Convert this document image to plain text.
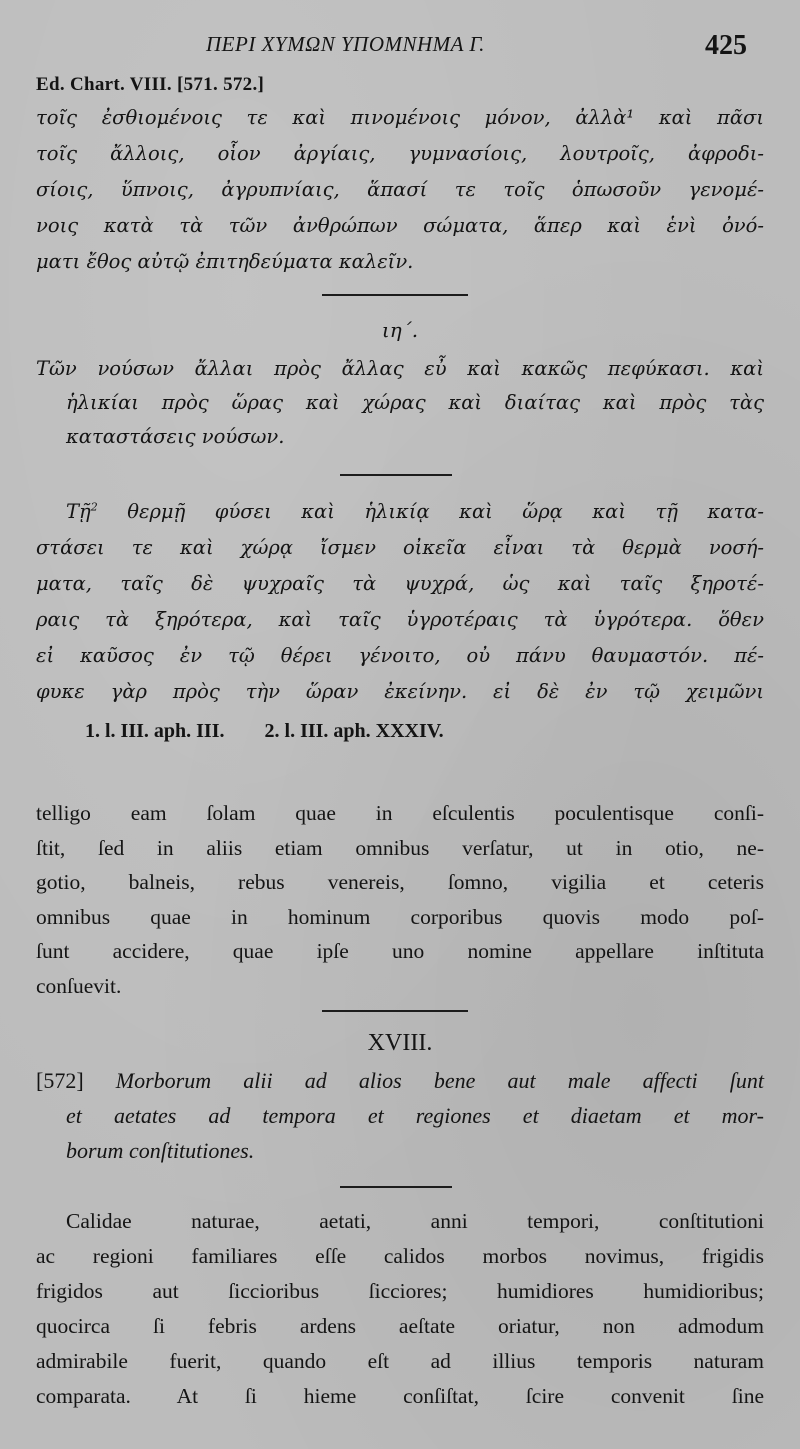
ΠΕΡΙ ΧΥΜΩΝ ΥΠΟΜΝΗΜΑ Γ.	425
Ed. Chart. VIII. [571. 572.]
τοῖς ἐσθιομένοις τε καὶ πινομένοις μόνον, ἀλλὰ¹ καὶ πᾶσι
τοῖς ἄλλοις, οἷον ἀργίαις, γυμνασίοις, λουτροῖς, ἀφροδι-
σίοις, ὕπνοις, ἀγρυπνίαις, ἅπασί τε τοῖς ὁπωσοῦν γενομέ-
νοις κατὰ τὰ τῶν ἀνθρώπων σώματα, ἅπερ καὶ ἑνὶ ὀνό-
ματι ἔθος αὐτῷ ἐπιτηδεύματα καλεῖν.
ιη΄.
Τῶν νούσων ἄλλαι πρὸς ἄλλας εὖ καὶ κακῶς πεφύκασι. καὶ
ἡλικίαι πρὸς ὥρας καὶ χώρας καὶ διαίτας καὶ πρὸς τὰς
καταστάσεις νούσων.
Τῇ$^2$ θερμῇ φύσει καὶ ἡλικίᾳ καὶ ὥρᾳ καὶ τῇ κατα-
στάσει τε καὶ χώρᾳ ἴσμεν οἰκεῖα εἶναι τὰ θερμὰ νοσή-
ματα, ταῖς δὲ ψυχραῖς τὰ ψυχρά, ὡς καὶ ταῖς ξηροτέ-
ραις τὰ ξηρότερα, καὶ ταῖς ὑγροτέραις τὰ ὑγρότερα. ὅθεν
εἰ καῦσος ἐν τῷ θέρει γένοιτο, οὐ πάνυ θαυμαστόν. πέ-
φυκε γὰρ πρὸς τὴν ὥραν ἐκείνην. εἰ δὲ ἐν τῷ χειμῶνι
1. l. III. aph. III. 2. l. III. aph. XXXIV.
telligo eam ſolam quae in eſculentis poculentisque conſi-
ſtit, ſed in aliis etiam omnibus verſatur, ut in otio, ne-
gotio, balneis, rebus venereis, ſomno, vigilia et ceteris
omnibus quae in hominum corporibus quovis modo poſ-
ſunt accidere, quae ipſe uno nomine appellare inſtituta
conſuevit.
XVIII.
[572] Morborum alii ad alios bene aut male affecti ſunt
et aetates ad tempora et regiones et diaetam et mor-
borum conſtitutiones.
Calidae naturae, aetati, anni tempori, conſtitutioni
ac regioni familiares eſſe calidos morbos novimus, frigidis
frigidos aut ſiccioribus ſicciores; humidiores humidioribus;
quocirca ſi febris ardens aeſtate oriatur, non admodum
admirabile fuerit, quando eſt ad illius temporis naturam
comparata. At ſi hieme conſiſtat, ſcire convenit ſine
